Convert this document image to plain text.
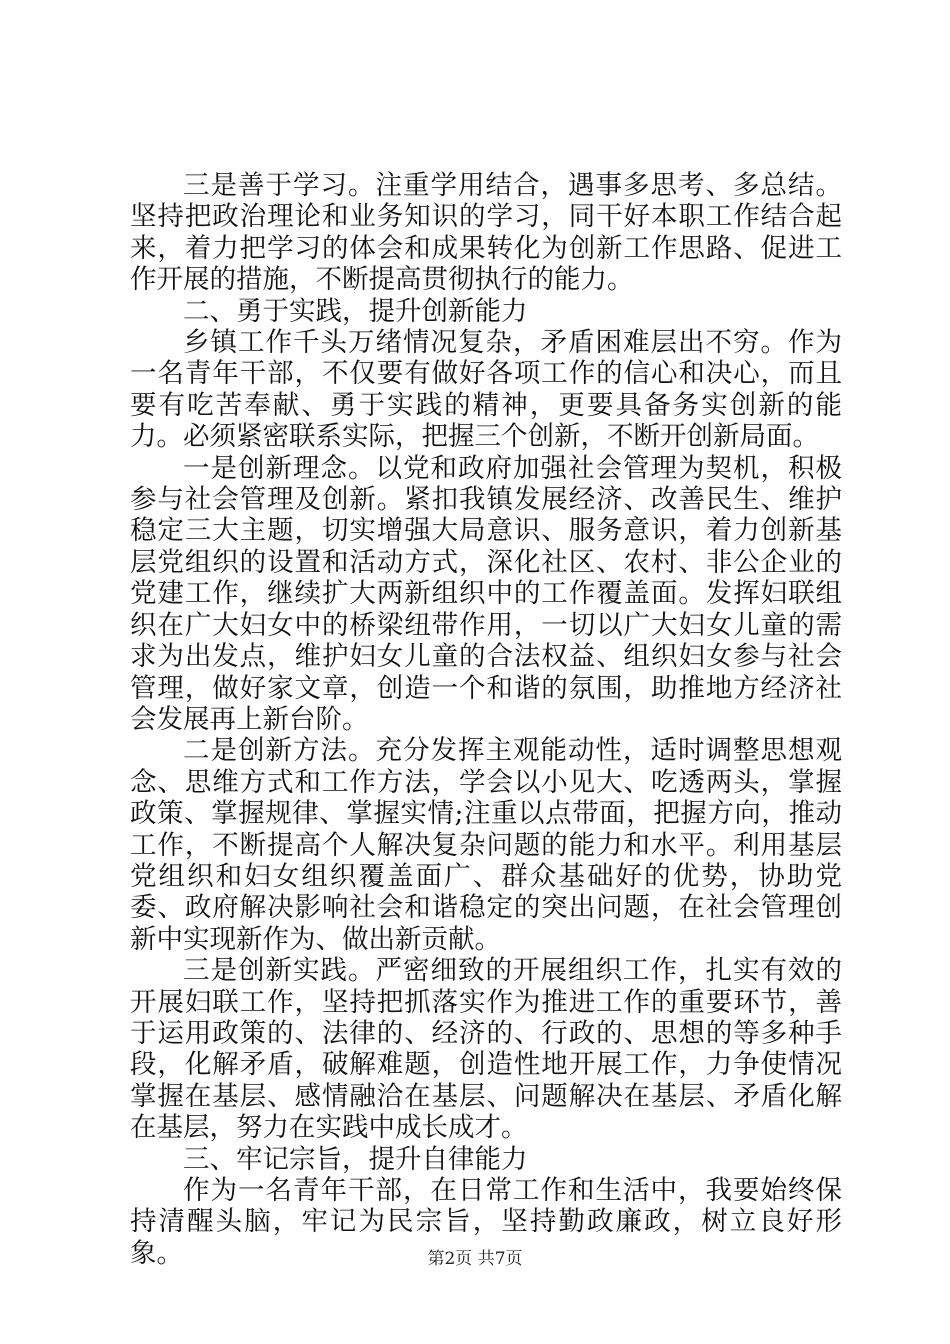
三是善于学习。注重学用结合，遇事多思考、多总结。坚持把政治理论和业务知识的学习，同干好本职工作结合起来，着力把学习的体会和成果转化为创新工作思路、促进工作开展的措施，不断提高贯彻执行的能力。

二、勇于实践，提升创新能力

乡镇工作千头万绪情况复杂，矛盾困难层出不穷。作为一名青年干部，不仅要有做好各项工作的信心和决心，而且要有吃苦奉献、勇于实践的精神，更要具备务实创新的能力。必须紧密联系实际，把握三个创新，不断开创新局面。

一是创新理念。以党和政府加强社会管理为契机，积极参与社会管理及创新。紧扣我镇发展经济、改善民生、维护稳定三大主题，切实增强大局意识、服务意识，着力创新基层党组织的设置和活动方式，深化社区、农村、非公企业的党建工作，继续扩大两新组织中的工作覆盖面。发挥妇联组织在广大妇女中的桥梁纽带作用，一切以广大妇女儿童的需求为出发点，维护妇女儿童的合法权益、组织妇女参与社会管理，做好家文章，创造一个和谐的氛围，助推地方经济社会发展再上新台阶。

二是创新方法。充分发挥主观能动性，适时调整思想观念、思维方式和工作方法，学会以小见大、吃透两头，掌握政策、掌握规律、掌握实情;注重以点带面，把握方向，推动工作，不断提高个人解决复杂问题的能力和水平。利用基层党组织和妇女组织覆盖面广、群众基础好的优势，协助党委、政府解决影响社会和谐稳定的突出问题，在社会管理创新中实现新作为、做出新贡献。

三是创新实践。严密细致的开展组织工作，扎实有效的开展妇联工作，坚持把抓落实作为推进工作的重要环节，善于运用政策的、法律的、经济的、行政的、思想的等多种手段，化解矛盾，破解难题，创造性地开展工作，力争使情况掌握在基层、感情融洽在基层、问题解决在基层、矛盾化解在基层，努力在实践中成长成才。

三、牢记宗旨，提升自律能力

作为一名青年干部，在日常工作和生活中，我要始终保持清醒头脑，牢记为民宗旨，坚持勤政廉政，树立良好形象。	第2页 共7页
